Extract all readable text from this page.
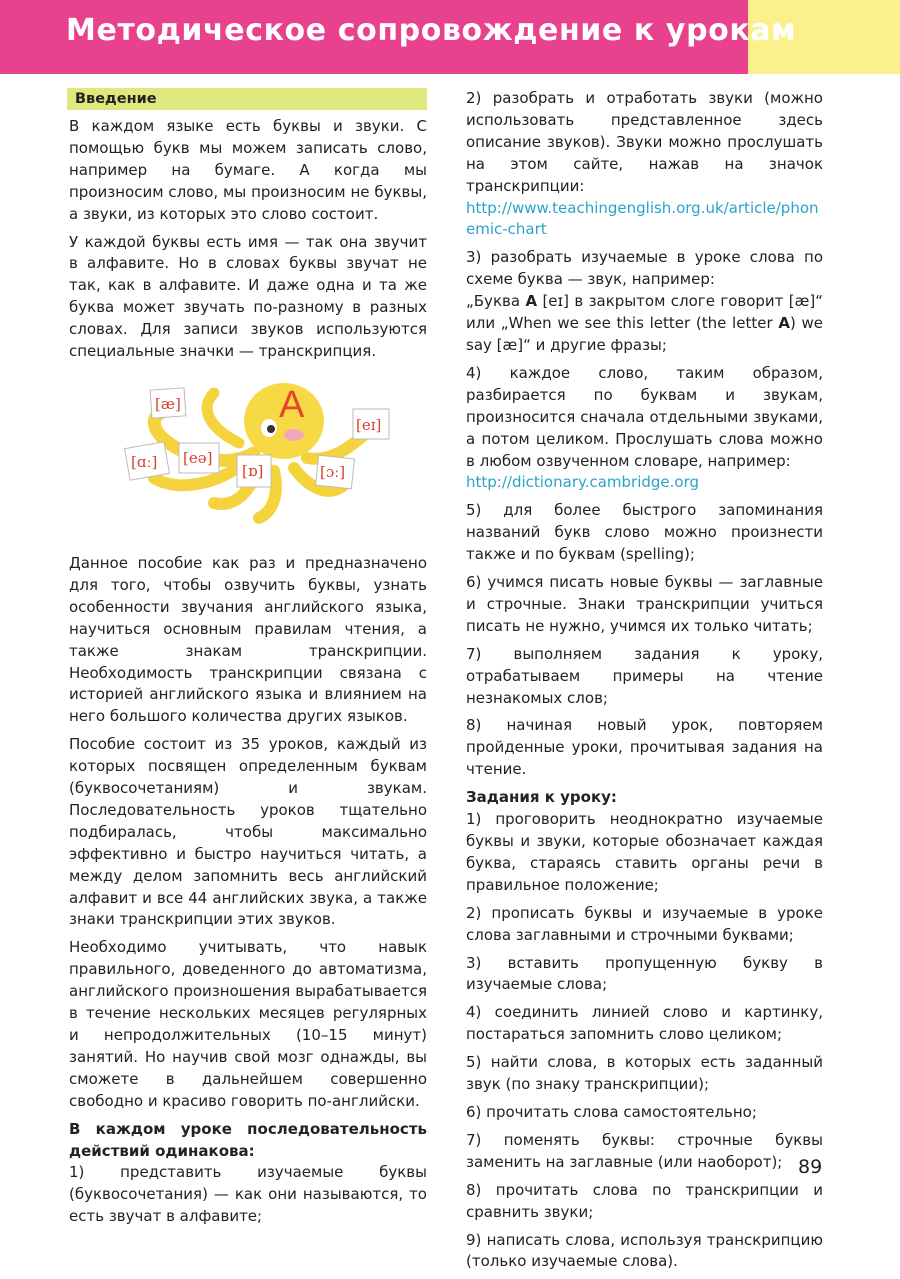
Методическое сопровождение к урокам
Введение

В каждом языке есть буквы и звуки. С помощью букв мы можем записать слово, например на бумаге. А когда мы произносим слово, мы произносим не буквы, а звуки, из которых это слово состоит.

У каждой буквы есть имя — так она звучит в алфавите. Но в словах буквы звучат не так, как в алфавите. И даже одна и та же буква может звучать по-разному в разных словах. Для записи звуков используются специальные значки — транскрипция.

A
[æ]
[eɪ]
[ɑː] [eə]
[ɒ]	[ɔː]

Данное пособие как раз и предназначено для того, чтобы озвучить буквы, узнать особенности звучания английского языка, научиться основным правилам чтения, а также знакам транскрипции. Необходимость транскрипции связана с историей английского языка и влиянием на него большого количества других языков.

Пособие состоит из 35 уроков, каждый из которых посвящен определенным буквам (буквосочетаниям) и звукам. Последовательность уроков тщательно подбиралась, чтобы максимально эффективно и быстро научиться читать, а между делом запомнить весь английский алфавит и все 44 английских звука, а также знаки транскрипции этих звуков.

Необходимо учитывать, что навык правильного, доведенного до автоматизма, английского произношения вырабатывается в течение нескольких месяцев регулярных и непродолжительных (10–15 минут) занятий. Но научив свой мозг однажды, вы сможете в дальнейшем совершенно свободно и красиво говорить по-английски.

В каждом уроке последовательность действий одинакова:

1) представить изучаемые буквы (буквосочетания) — как они называются, то есть звучат в алфавите;

2) разобрать и отработать звуки (можно использовать представленное здесь описание звуков). Звуки можно прослушать на этом сайте, нажав на значок транскрипции:

http://www.teachingenglish.org.uk/article/phonemic-chart

3) разобрать изучаемые в уроке слова по схеме буква — звук, например:

„Буква A [eɪ] в закрытом слоге говорит [æ]“ или „When we see this letter (the letter A) we say [æ]“ и другие фразы;

4) каждое слово, таким образом, разбирается по буквам и звукам, произносится сначала отдельными звуками, а потом целиком. Прослушать слова можно в любом озвученном словаре, например:

http://dictionary.cambridge.org

5) для более быстрого запоминания названий букв слово можно произнести также и по буквам (spelling);

6) учимся писать новые буквы — заглавные и строчные. Знаки транскрипции учиться писать не нужно, учимся их только читать;

7) выполняем задания к уроку, отрабатываем примеры на чтение незнакомых слов;

8) начиная новый урок, повторяем пройденные уроки, прочитывая задания на чтение.

Задания к уроку:

1) проговорить неоднократно изучаемые буквы и звуки, которые обозначает каждая буква, стараясь ставить органы речи в правильное положение;

2) прописать буквы и изучаемые в уроке слова заглавными и строчными буквами;

3) вставить пропущенную букву в изучаемые слова;

4) соединить линией слово и картинку, постараться запомнить слово целиком;

5) найти слова, в которых есть заданный звук (по знаку транскрипции);

6) прочитать слова самостоятельно;

7) поменять буквы: строчные буквы заменить на заглавные (или наоборот);

8) прочитать слова по транскрипции и сравнить звуки;

9) написать слова, используя транскрипцию (только изучаемые слова).

89
